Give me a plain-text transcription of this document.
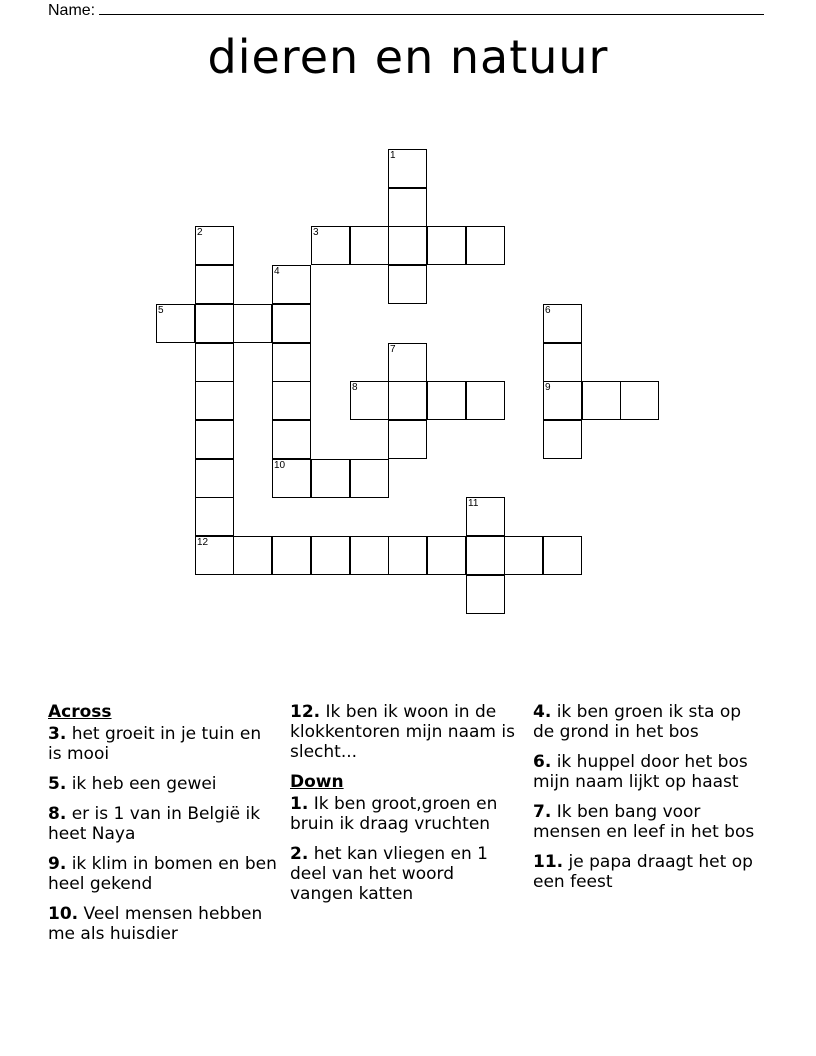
Name:
dieren en natuur
1
2	3
4
5	6
7
8	9
10
11
12
Across
3. het groeit in je tuin en is mooi
5. ik heb een gewei
8. er is 1 van in België ik heet Naya
9. ik klim in bomen en ben heel gekend
10. Veel mensen hebben me als huisdier
12. Ik ben ik woon in de klokkentoren mijn naam is slecht...
Down
1. Ik ben groot,groen en bruin ik draag vruchten
2. het kan vliegen en 1 deel van het woord vangen katten
4. ik ben groen ik sta op de grond in het bos
6. ik huppel door het bos mijn naam lijkt op haast
7. Ik ben bang voor mensen en leef in het bos
11. je papa draagt het op een feest
